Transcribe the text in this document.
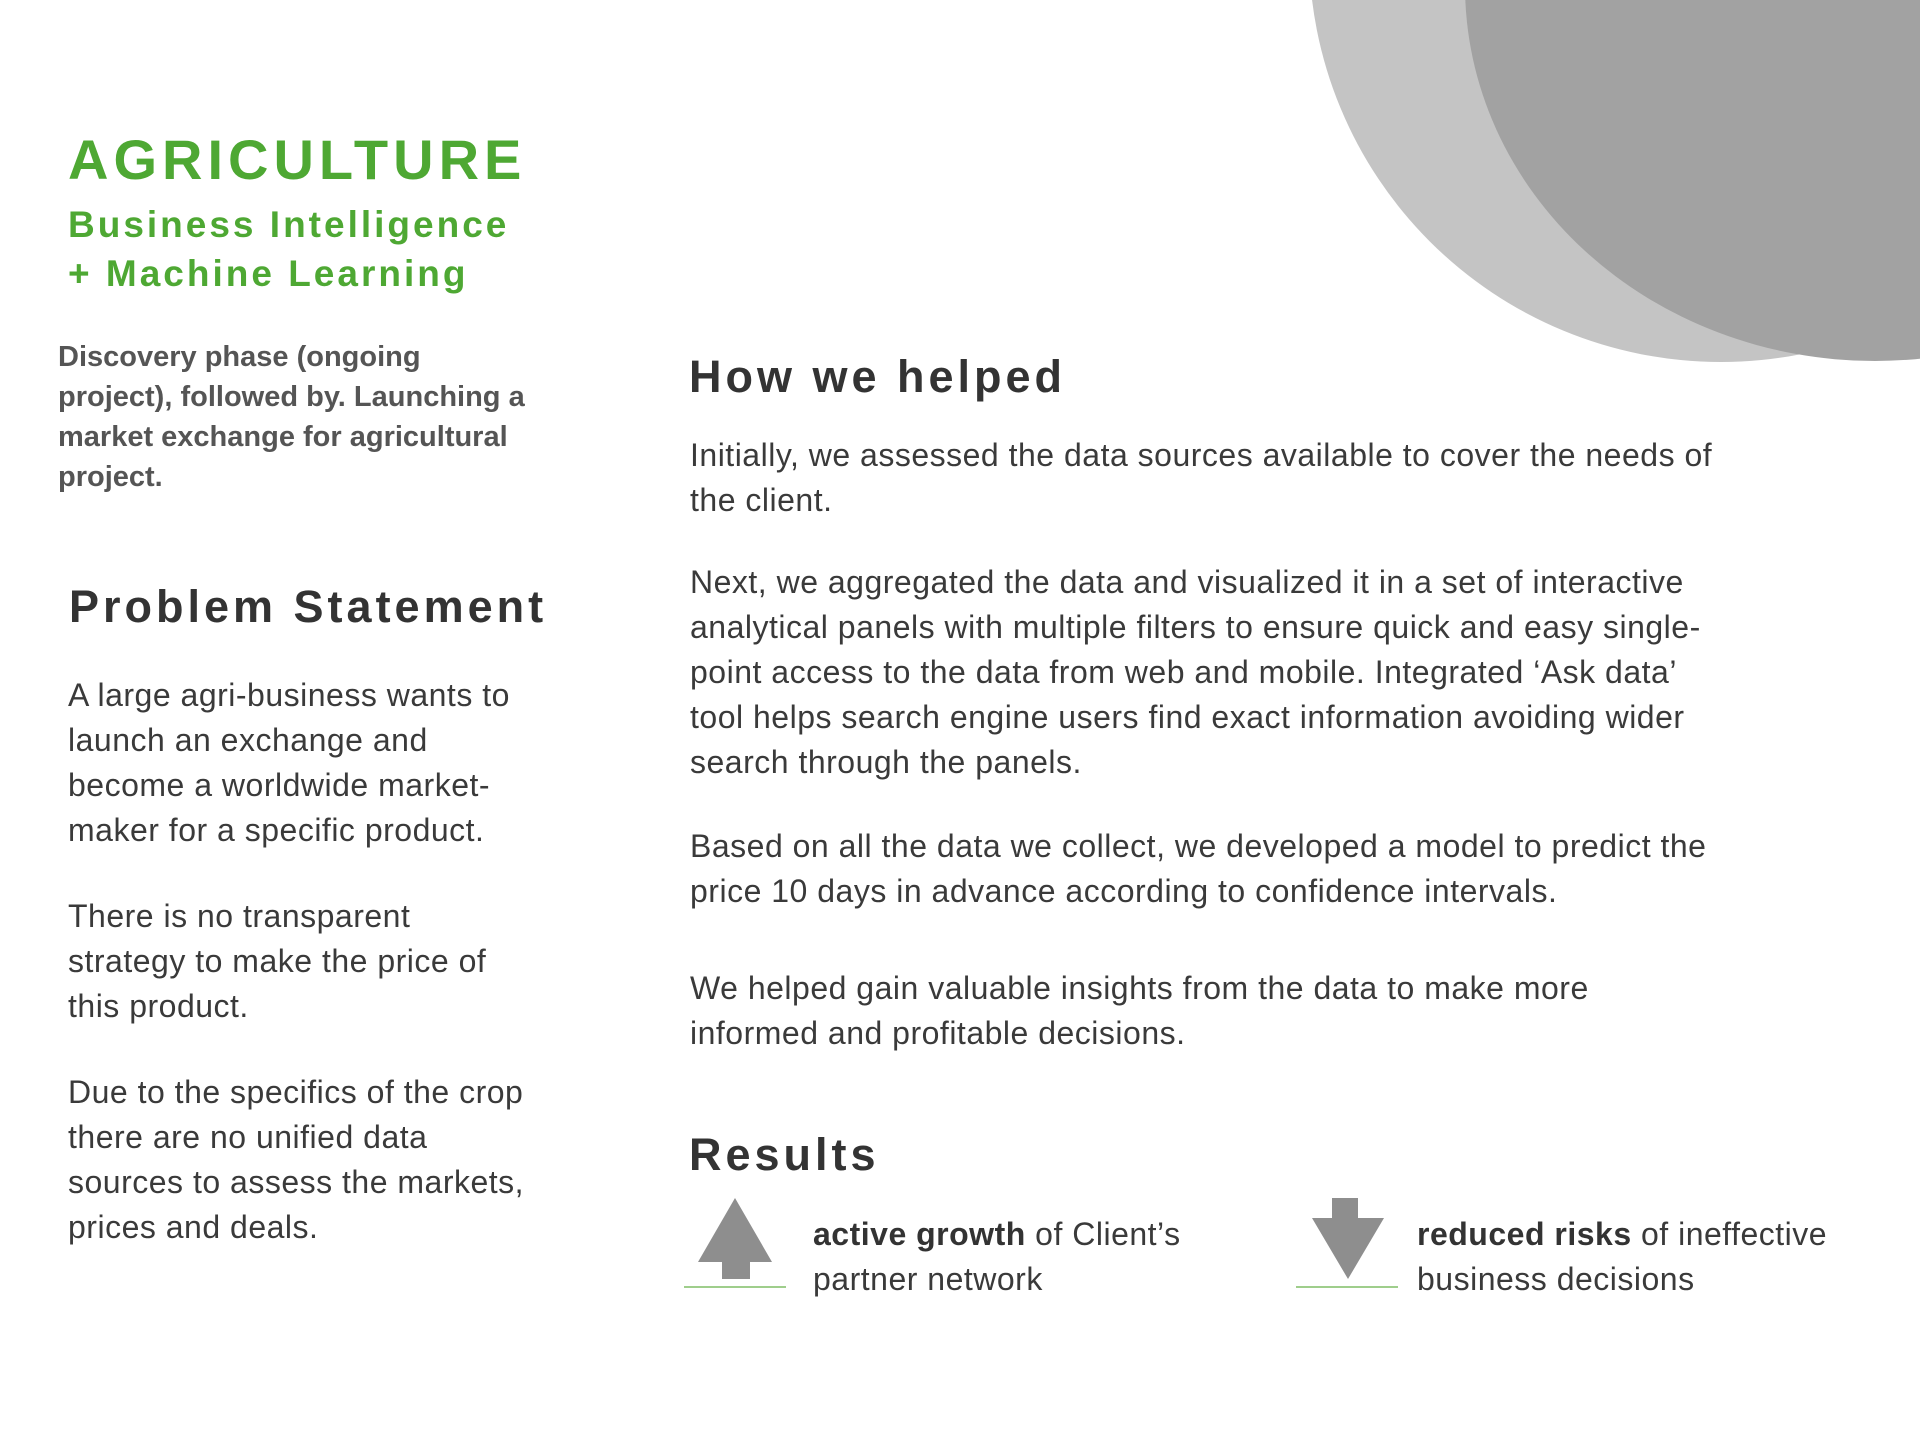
AGRICULTURE
Business Intelligence
+ Machine Learning

Discovery phase (ongoing
project), followed by. Launching a
market exchange for agricultural
project.

Problem Statement

A large agri-business wants to
launch an exchange and
become a worldwide market-
maker for a specific product.

There is no transparent
strategy to make the price of
this product.

Due to the specifics of the crop
there are no unified data
sources to assess the markets,
prices and deals.

How we helped

Initially, we assessed the data sources available to cover the needs of
the client.

Next, we aggregated the data and visualized it in a set of interactive
analytical panels with multiple filters to ensure quick and easy single-
point access to the data from web and mobile. Integrated ‘Ask data’
tool helps search engine users find exact information avoiding wider
search through the panels.

Based on all the data we collect, we developed a model to predict the
price 10 days in advance according to confidence intervals.

We helped gain valuable insights from the data to make more
informed and profitable decisions.

Results

active growth of Client’s
partner network

reduced risks of ineffective
business decisions
